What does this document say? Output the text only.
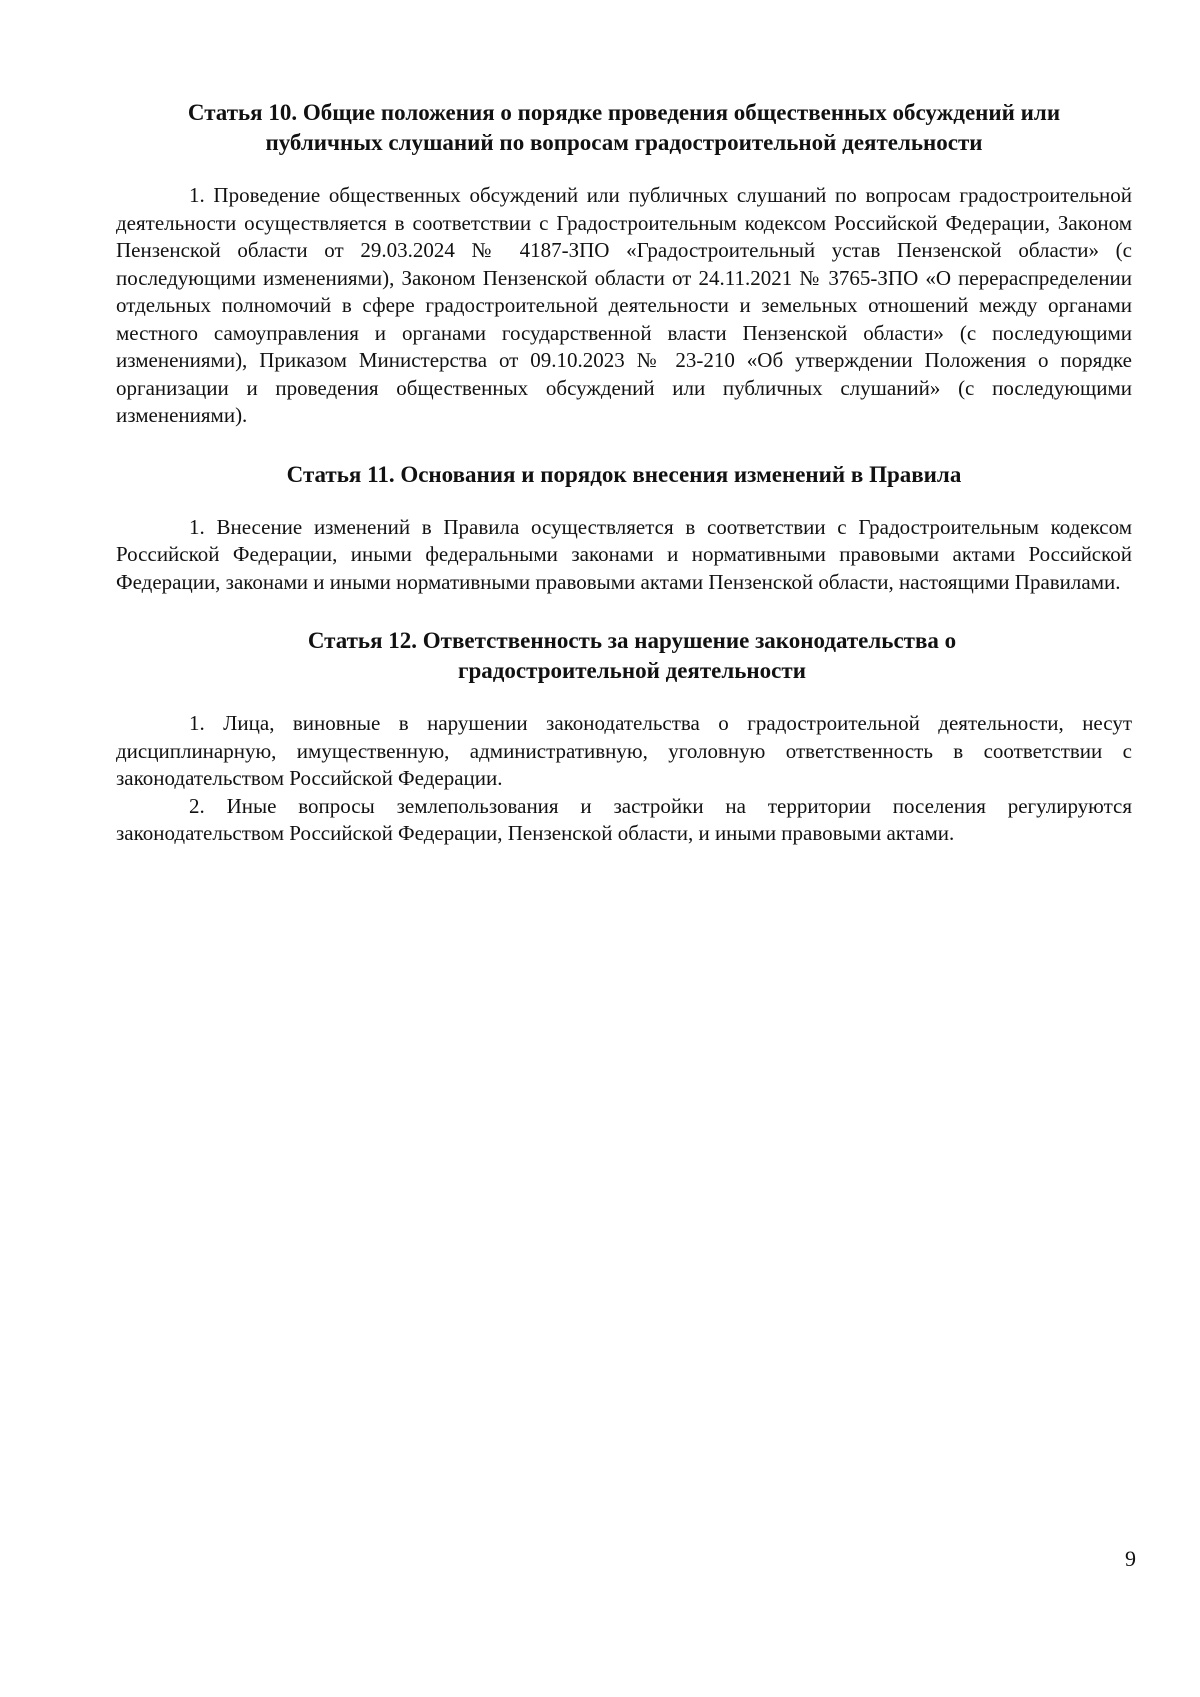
Статья 10. Общие положения о порядке проведения общественных обсуждений или
публичных слушаний по вопросам градостроительной деятельности

1. Проведение общественных обсуждений или публичных слушаний по вопросам градостроительной деятельности осуществляется в соответствии с Градостроительным кодексом Российской Федерации, Законом Пензенской области от 29.03.2024 № 4187-ЗПО «Градостроительный устав Пензенской области» (с последующими изменениями), Законом Пензенской области от 24.11.2021 № 3765-ЗПО «О перераспределении отдельных полномочий в сфере градостроительной деятельности и земельных отношений между органами местного самоуправления и органами государственной власти Пензенской области» (с последующими изменениями), Приказом Министерства от 09.10.2023 № 23-210 «Об утверждении Положения о порядке организации и проведения общественных обсуждений или публичных слушаний» (с последующими изменениями).

Статья 11. Основания и порядок внесения изменений в Правила

1. Внесение изменений в Правила осуществляется в соответствии с Градостроительным кодексом Российской Федерации, иными федеральными законами и нормативными правовыми актами Российской Федерации, законами и иными нормативными правовыми актами Пензенской области, настоящими Правилами.

Статья 12. Ответственность за нарушение законодательства о
градостроительной деятельности

1. Лица, виновные в нарушении законодательства о градостроительной деятельности, несут дисциплинарную, имущественную, административную, уголовную ответственность в соответствии с законодательством Российской Федерации.

2. Иные вопросы землепользования и застройки на территории поселения регулируются законодательством Российской Федерации, Пензенской области, и иными правовыми актами.

9
